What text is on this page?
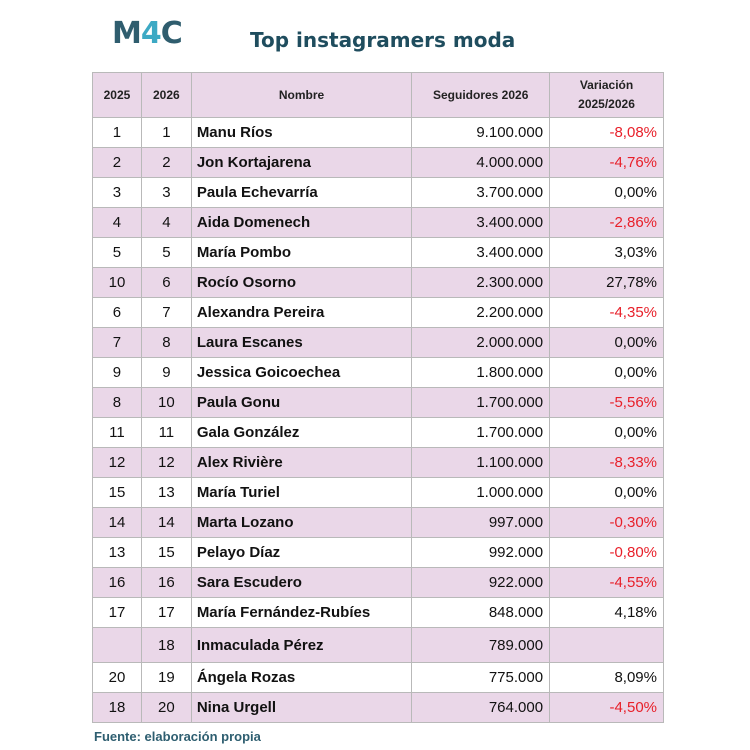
M4C	Top instagramers moda
2025	2026	Nombre	Seguidores 2026	Variación 2025/2026
1	1	Manu Ríos	9.100.000	-8,08%
2	2	Jon Kortajarena	4.000.000	-4,76%
3	3	Paula Echevarría	3.700.000	0,00%
4	4	Aida Domenech	3.400.000	-2,86%
5	5	María Pombo	3.400.000	3,03%
10	6	Rocío Osorno	2.300.000	27,78%
6	7	Alexandra Pereira	2.200.000	-4,35%
7	8	Laura Escanes	2.000.000	0,00%
9	9	Jessica Goicoechea	1.800.000	0,00%
8	10	Paula Gonu	1.700.000	-5,56%
11	11	Gala González	1.700.000	0,00%
12	12	Alex Rivière	1.100.000	-8,33%
15	13	María Turiel	1.000.000	0,00%
14	14	Marta Lozano	997.000	-0,30%
13	15	Pelayo Díaz	992.000	-0,80%
16	16	Sara Escudero	922.000	-4,55%
17	17	María Fernández-Rubíes	848.000	4,18%
	18	Inmaculada Pérez	789.000	
20	19	Ángela Rozas	775.000	8,09%
18	20	Nina Urgell	764.000	-4,50%
Fuente: elaboración propia
